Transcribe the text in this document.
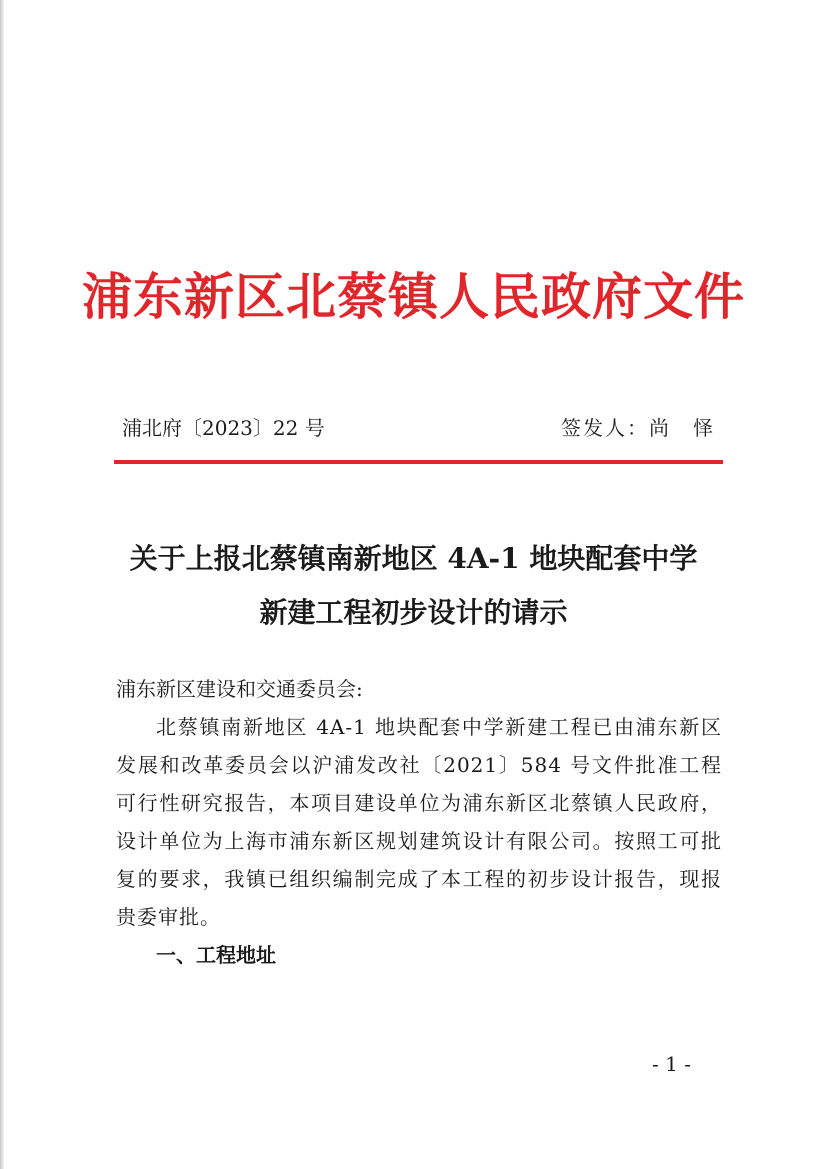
浦东新区北蔡镇人民政府文件
浦北府〔2023〕22 号	签发人：尚　怿
关于上报北蔡镇南新地区 4A-1 地块配套中学
新建工程初步设计的请示
浦东新区建设和交通委员会:
北蔡镇南新地区 4A-1 地块配套中学新建工程已由浦东新区发展和改革委员会以沪浦发改社〔2021〕584 号文件批准工程可行性研究报告，本项目建设单位为浦东新区北蔡镇人民政府，设计单位为上海市浦东新区规划建筑设计有限公司。按照工可批复的要求，我镇已组织编制完成了本工程的初步设计报告，现报贵委审批。
一、工程地址
- 1 -
